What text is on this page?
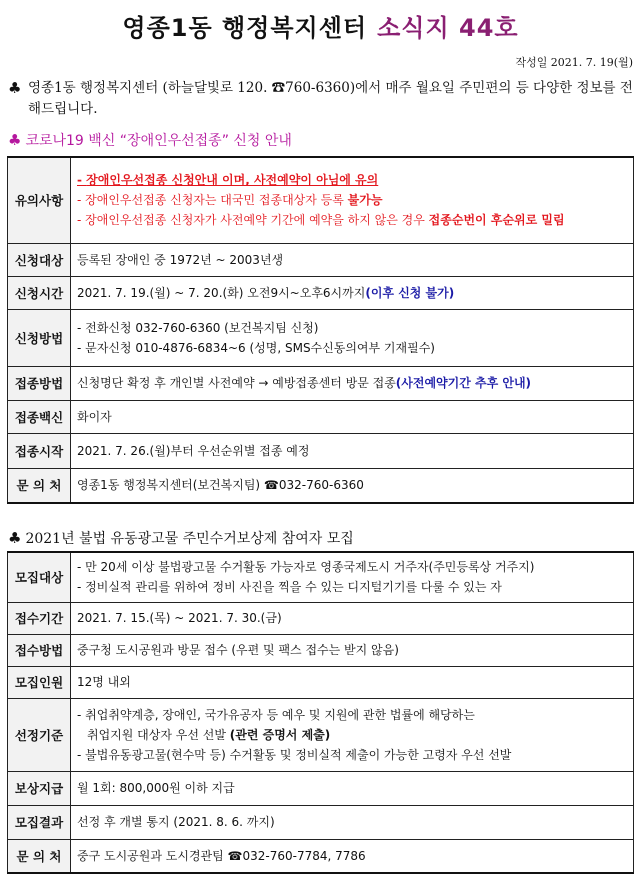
영종1동 행정복지센터 소식지 44호
작성일 2021. 7. 19(월)
♣ 영종1동 행정복지센터 (하늘달빛로 120. ☎760-6360)에서 매주 월요일 주민편의 등 다양한 정보를 전해드립니다.
♣ 코로나19 백신 “장애인우선접종” 신청 안내
유의사항	- 장애인우선접종 신청안내 이며, 사전예약이 아님에 유의
- 장애인우선접종 신청자는 대국민 접종대상자 등록 불가능
- 장애인우선접종 신청자가 사전예약 기간에 예약을 하지 않은 경우 접종순번이 후순위로 밀림

신청대상	등록된 장애인 중 1972년 ~ 2003년생
신청시간	2021. 7. 19.(월) ~ 7. 20.(화) 오전9시~오후6시까지(이후 신청 불가)
신청방법	- 전화신청 032-760-6360 (보건복지팀 신청)
- 문자신청 010-4876-6834~6 (성명, SMS수신동의여부 기재필수)

접종방법	신청명단 확정 후 개인별 사전예약 → 예방접종센터 방문 접종(사전예약기간 추후 안내)
접종백신	화이자
접종시작	2021. 7. 26.(월)부터 우선순위별 접종 예정
문 의 처	영종1동 행정복지센터(보건복지팀) ☎032-760-6360
♣ 2021년 불법 유동광고물 주민수거보상제 참여자 모집
모집대상	- 만 20세 이상 불법광고물 수거활동 가능자로 영종국제도시 거주자(주민등록상 거주지)
- 정비실적 관리를 위하여 정비 사진을 찍을 수 있는 디지털기기를 다룰 수 있는 자

접수기간	2021. 7. 15.(목) ~ 2021. 7. 30.(금)
접수방법	중구청 도시공원과 방문 접수 (우편 및 팩스 접수는 받지 않음)
모집인원	12명 내외
선정기준	- 취업취약계층, 장애인, 국가유공자 등 예우 및 지원에 관한 법률에 해당하는
취업지원 대상자 우선 선발 (관련 증명서 제출)
- 불법유동광고물(현수막 등) 수거활동 및 정비실적 제출이 가능한 고령자 우선 선발

보상지급	월 1회: 800,000원 이하 지급
모집결과	선정 후 개별 통지 (2021. 8. 6. 까지)
문 의 처	중구 도시공원과 도시경관팀 ☎032-760-7784, 7786
